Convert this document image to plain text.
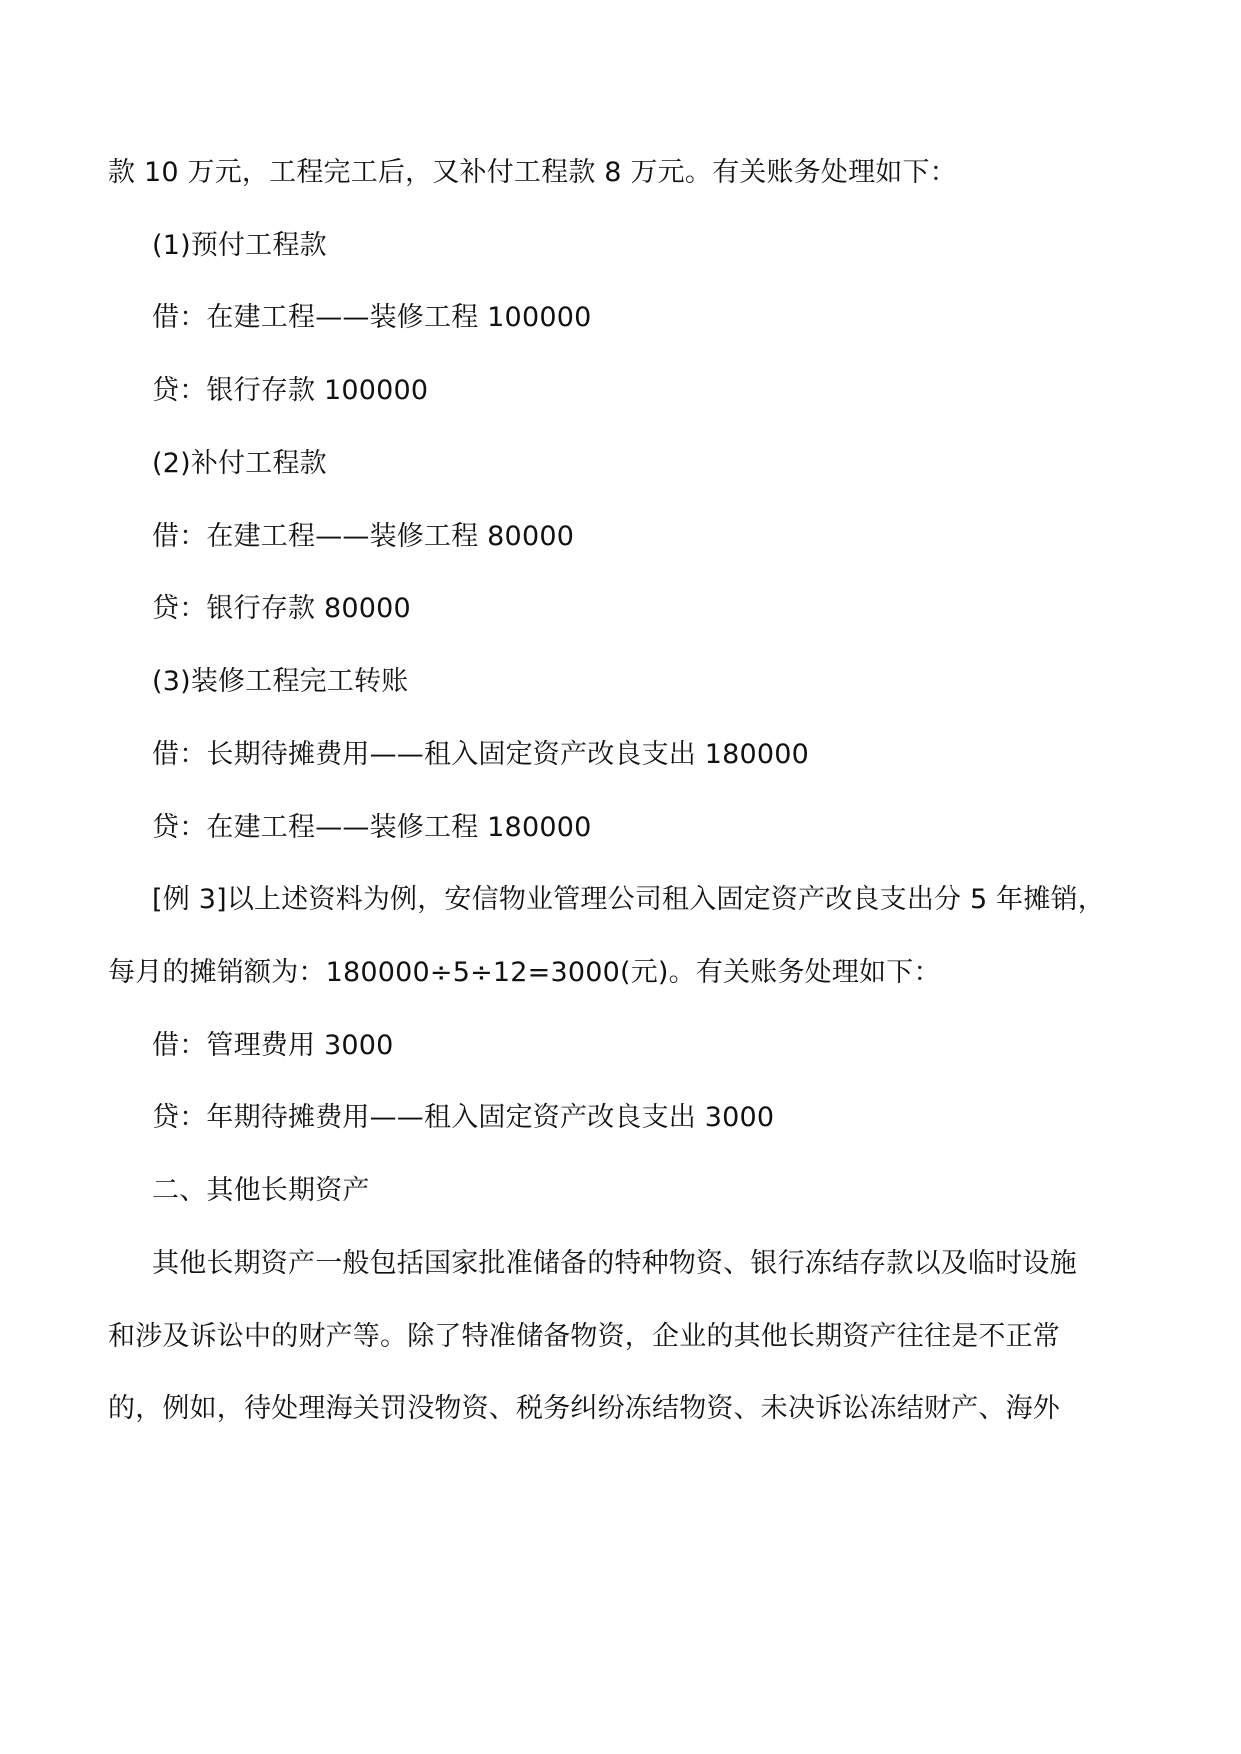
款 10 万元，工程完工后，又补付工程款 8 万元。有关账务处理如下：
(1)预付工程款
借：在建工程——装修工程 100000
贷：银行存款 100000
(2)补付工程款
借：在建工程——装修工程 80000
贷：银行存款 80000
(3)装修工程完工转账
借：长期待摊费用——租入固定资产改良支出 180000
贷：在建工程——装修工程 180000
[例 3]以上述资料为例，安信物业管理公司租入固定资产改良支出分 5 年摊销，
每月的摊销额为：180000÷5÷12=3000(元)。有关账务处理如下：
借：管理费用 3000
贷：年期待摊费用——租入固定资产改良支出 3000
二、其他长期资产
其他长期资产一般包括国家批准储备的特种物资、银行冻结存款以及临时设施
和涉及诉讼中的财产等。除了特准储备物资，企业的其他长期资产往往是不正常
的，例如，待处理海关罚没物资、税务纠纷冻结物资、未决诉讼冻结财产、海外
